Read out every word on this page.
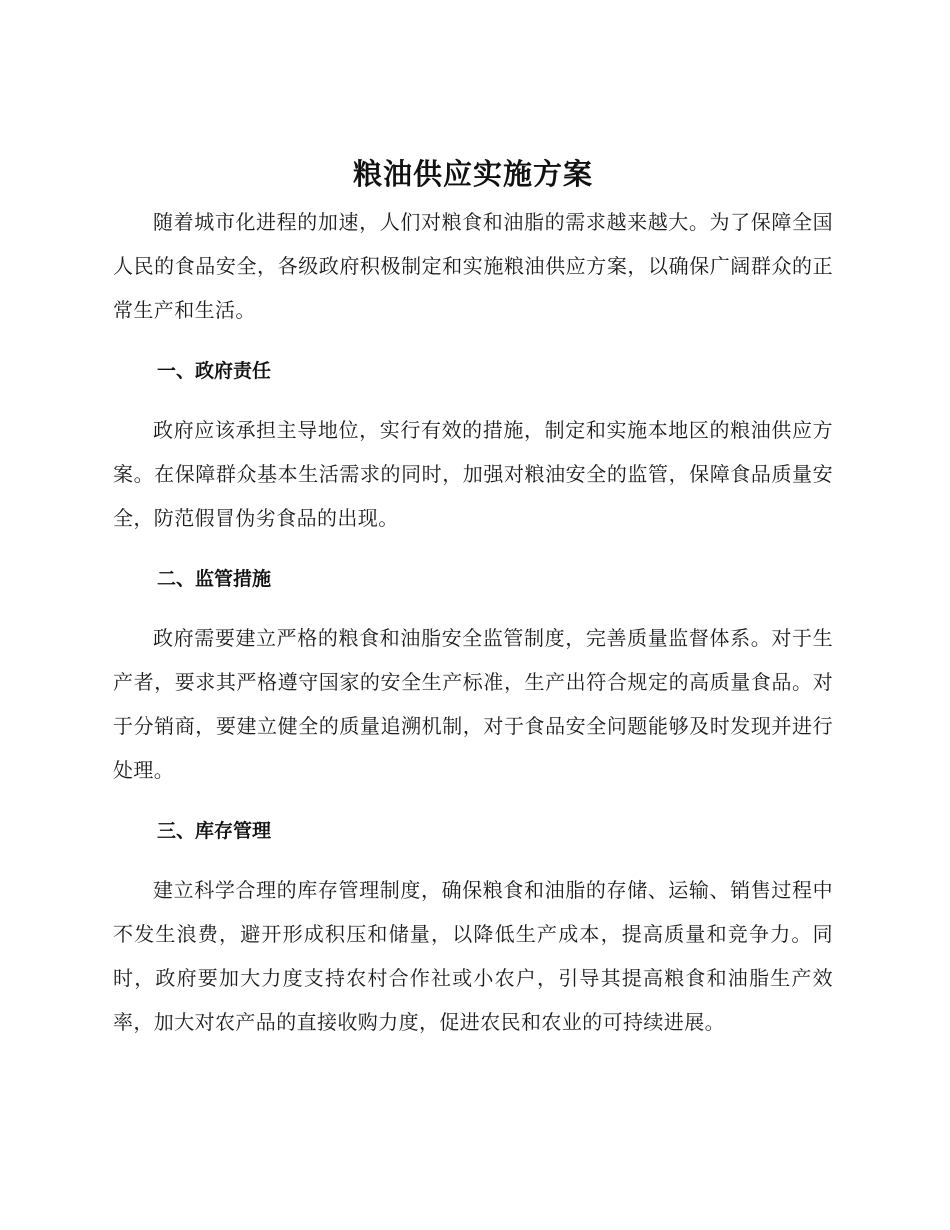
粮油供应实施方案

随着城市化进程的加速，人们对粮食和油脂的需求越来越大。为了保障全国人民的食品安全，各级政府积极制定和实施粮油供应方案，以确保广阔群众的正常生产和生活。

一、政府责任

政府应该承担主导地位，实行有效的措施，制定和实施本地区的粮油供应方案。在保障群众基本生活需求的同时，加强对粮油安全的监管，保障食品质量安全，防范假冒伪劣食品的出现。

二、监管措施

政府需要建立严格的粮食和油脂安全监管制度，完善质量监督体系。对于生产者，要求其严格遵守国家的安全生产标准，生产出符合规定的高质量食品。对于分销商，要建立健全的质量追溯机制，对于食品安全问题能够及时发现并进行处理。

三、库存管理

建立科学合理的库存管理制度，确保粮食和油脂的存储、运输、销售过程中不发生浪费，避开形成积压和储量，以降低生产成本，提高质量和竞争力。同时，政府要加大力度支持农村合作社或小农户，引导其提高粮食和油脂生产效率，加大对农产品的直接收购力度，促进农民和农业的可持续进展。
